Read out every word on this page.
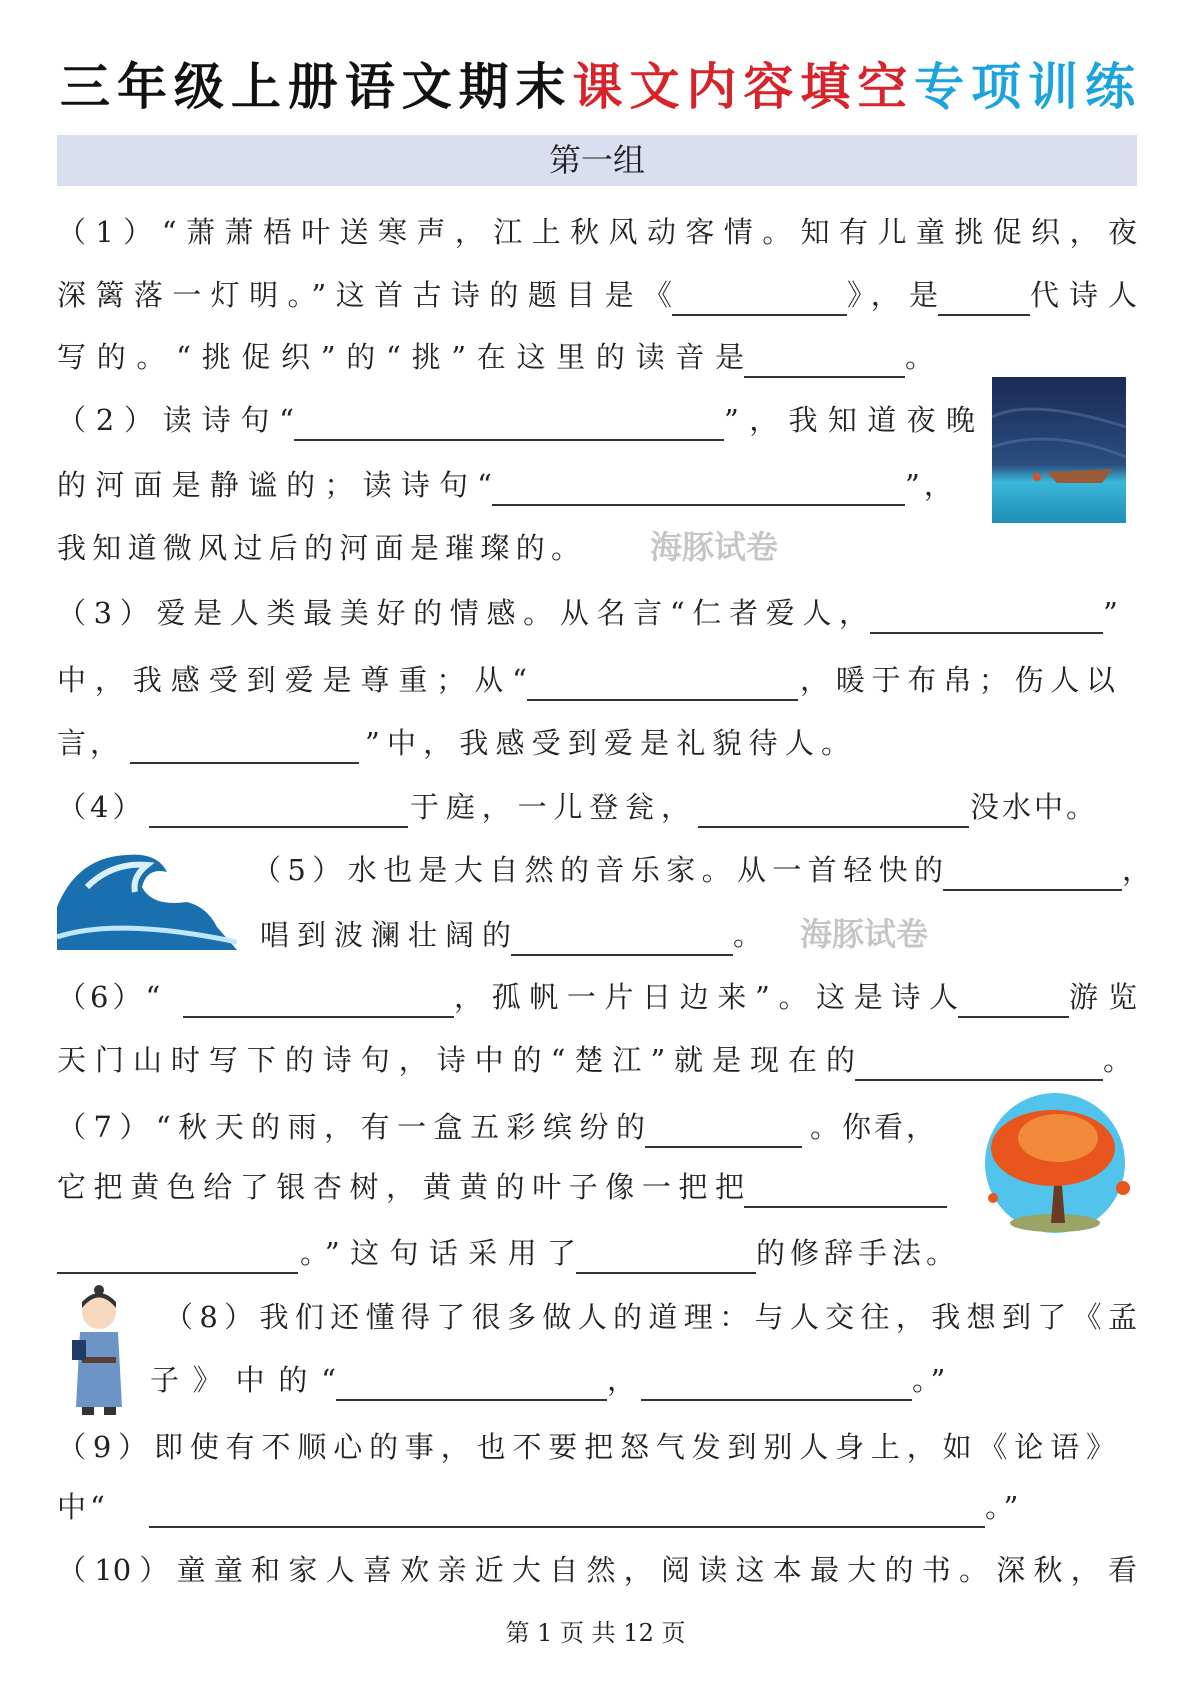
三年级上册语文期末课文内容填空专项训练
第一组
（1）“萧萧梧叶送寒声，江上秋风动客情。知有儿童挑促织，夜
深篱落一灯明。”这首古诗的题目是《	》，是	代诗人
写的。“挑促织”的“挑”在这里的读音是	。
（2）读诗句“	”，我知道夜晚
的河面是静谧的；读诗句“	”，
我知道微风过后的河面是璀璨的。
（3）爱是人类最美好的情感。从名言“仁者爱人，	”
中，我感受到爱是尊重；从“	，暖于布帛；伤人以
言，	”中，我感受到爱是礼貌待人。
（4）	于庭，一儿登瓮，	没水中。
（5）水也是大自然的音乐家。从一首轻快的	，
唱到波澜壮阔的	。
（6）“	，孤帆一片日边来”。这是诗人	游览
天门山时写下的诗句，诗中的“楚江”就是现在的	。
（7）“秋天的雨，有一盒五彩缤纷的	。你看，
它把黄色给了银杏树，黄黄的叶子像一把把
。”这句话采用了	的修辞手法。
（8）我们还懂得了很多做人的道理：与人交往，我想到了《孟
子》中的“	，	。”
（9）即使有不顺心的事，也不要把怒气发到别人身上，如《论语》
中“	。”
（10）童童和家人喜欢亲近大自然，阅读这本最大的书。深秋，看
海豚试卷
海豚试卷
第 1 页 共 12 页
